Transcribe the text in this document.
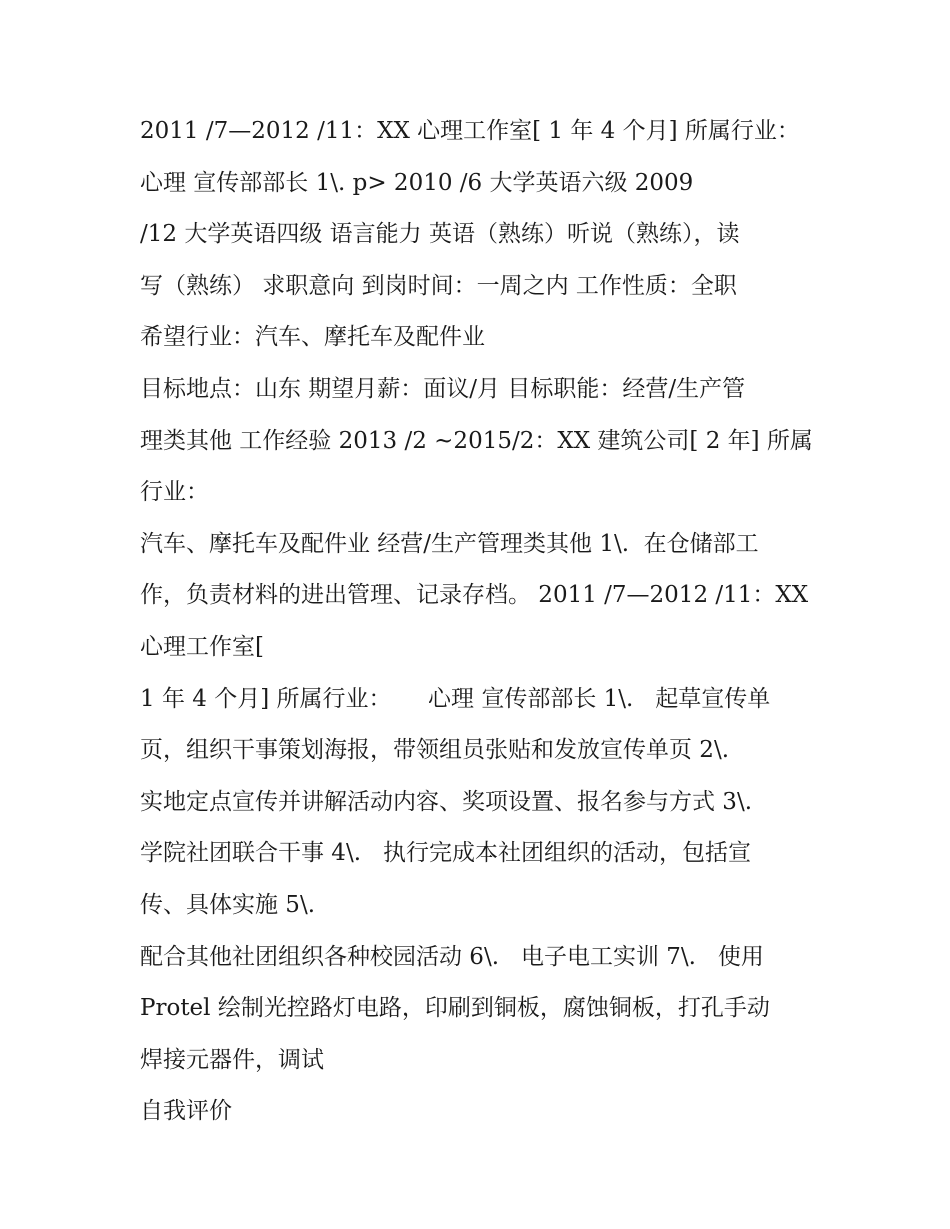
2011 /7—2012 /11：XX 心理工作室[ 1 年 4 个月] 所属行业：
心理 宣传部部长 1\. p> 2010 /6 大学英语六级 2009
/12 大学英语四级 语言能力 英语（熟练）听说（熟练），读
写（熟练） 求职意向 到岗时间：一周之内 工作性质：全职
希望行业：汽车、摩托车及配件业
目标地点：山东 期望月薪：面议/月 目标职能：经营/生产管
理类其他 工作经验 2013 /2 ~2015/2：XX 建筑公司[ 2 年] 所属
行业：
汽车、摩托车及配件业 经营/生产管理类其他 1\.  在仓储部工
作，负责材料的进出管理、记录存档。 2011 /7—2012 /11：XX
心理工作室[
1 年 4 个月] 所属行业：     心理 宣传部部长 1\.   起草宣传单
页，组织干事策划海报，带领组员张贴和发放宣传单页 2\.
实地定点宣传并讲解活动内容、奖项设置、报名参与方式 3\.
学院社团联合干事 4\.   执行完成本社团组织的活动，包括宣
传、具体实施 5\.
配合其他社团组织各种校园活动 6\.   电子电工实训 7\.   使用
Protel 绘制光控路灯电路，印刷到铜板，腐蚀铜板，打孔手动
焊接元器件，调试
自我评价
